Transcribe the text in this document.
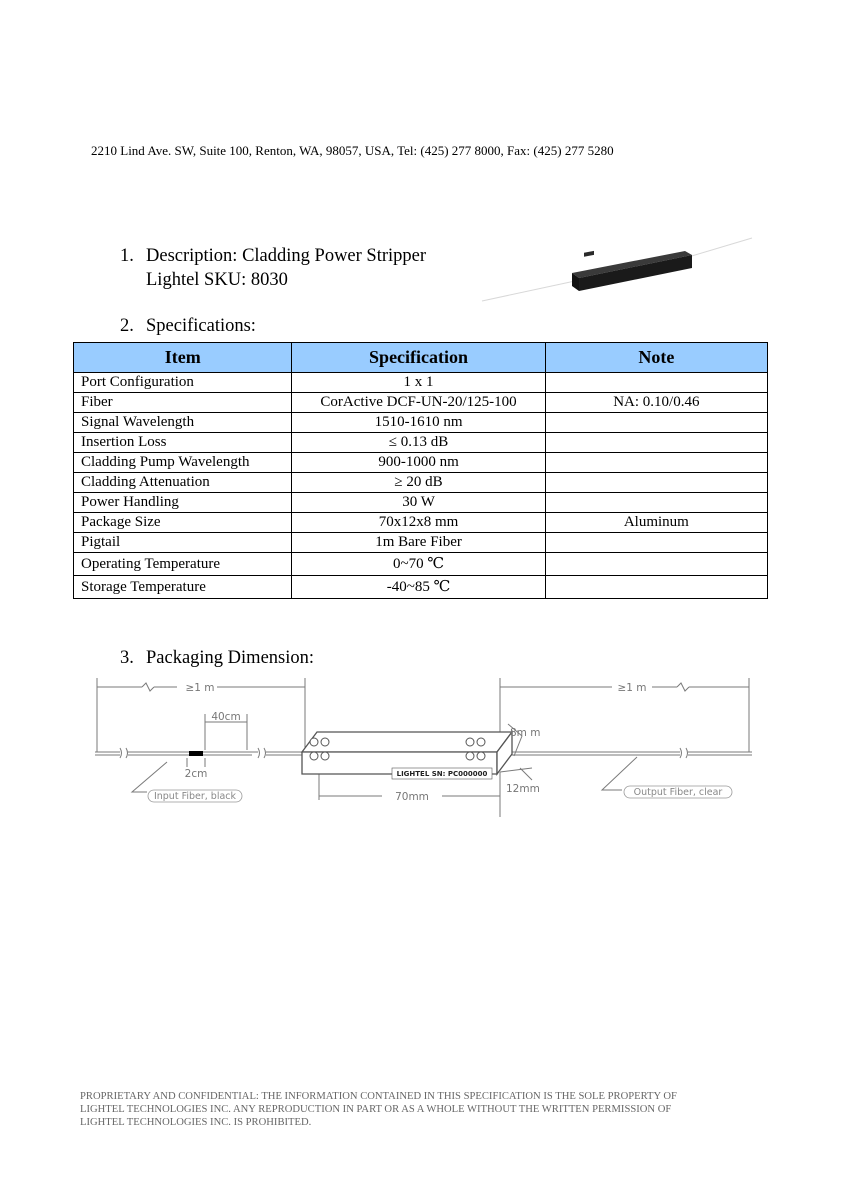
2210 Lind Ave. SW, Suite 100, Renton, WA, 98057, USA, Tel: (425) 277 8000, Fax: (425) 277 5280
1. Description: Cladding Power Stripper
Lightel SKU: 8030
2. Specifications:
Item	Specification	Note
Port Configuration	1 x 1	
Fiber	CorActive DCF-UN-20/125-100	NA: 0.10/0.46
Signal Wavelength	1510-1610 nm	
Insertion Loss	≤ 0.13 dB	
Cladding Pump Wavelength	900-1000 nm	
Cladding Attenuation	≥ 20 dB	
Power Handling	30 W	
Package Size	70x12x8 mm	Aluminum
Pigtail	1m Bare Fiber	
Operating Temperature	0~70 ℃	
Storage Temperature	-40~85 ℃	
3. Packaging Dimension:
LIGHTEL SN: PC000000
≥1 m	≥1 m
40cm
2cm
8m m
12mm
70mm
Input Fiber, black	Output Fiber, clear
PROPRIETARY AND CONFIDENTIAL: THE INFORMATION CONTAINED IN THIS SPECIFICATION IS THE SOLE PROPERTY OF
LIGHTEL TECHNOLOGIES INC. ANY REPRODUCTION IN PART OR AS A WHOLE WITHOUT THE WRITTEN PERMISSION OF
LIGHTEL TECHNOLOGIES INC. IS PROHIBITED.
